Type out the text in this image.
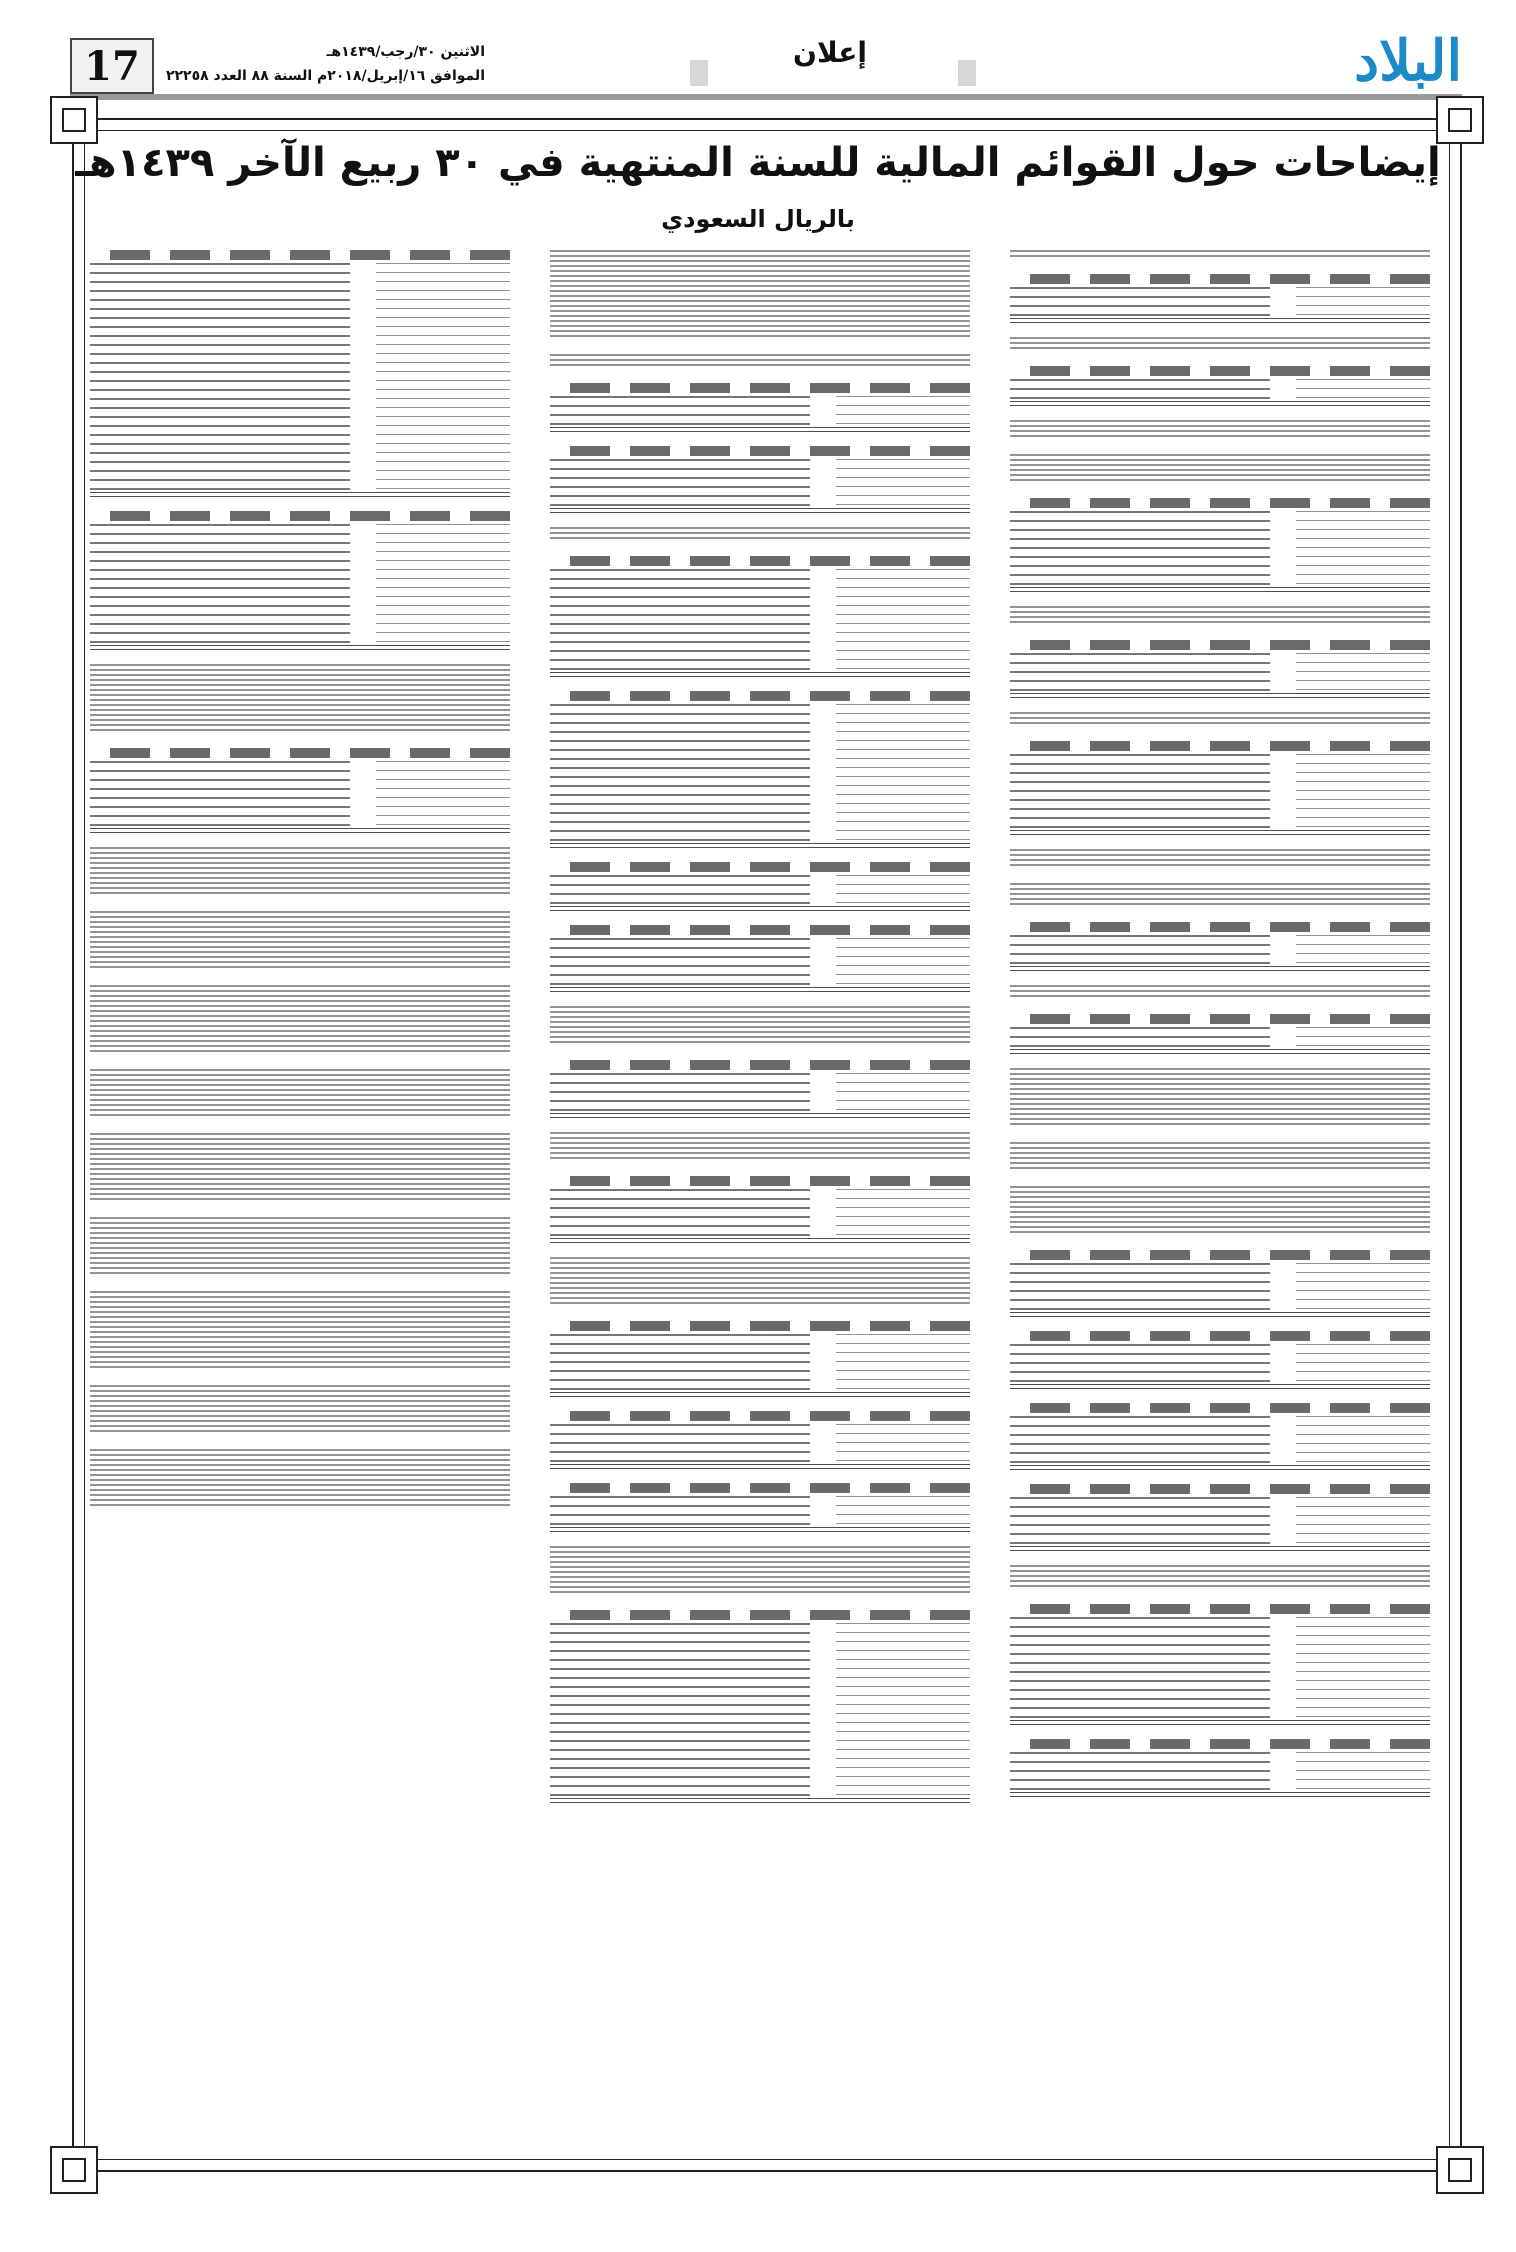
17	الاثنين ٣٠/رجب/١٤٣٩هـ
الموافق ١٦/إبريل/٢٠١٨م السنة ٨٨ العدد ٢٢٢٥٨
إعلان	البلاد
إيضاحات حول القوائم المالية للسنة المنتهية في ٣٠ ربيع الآخر ١٤٣٩هـ
بالريال السعودي
